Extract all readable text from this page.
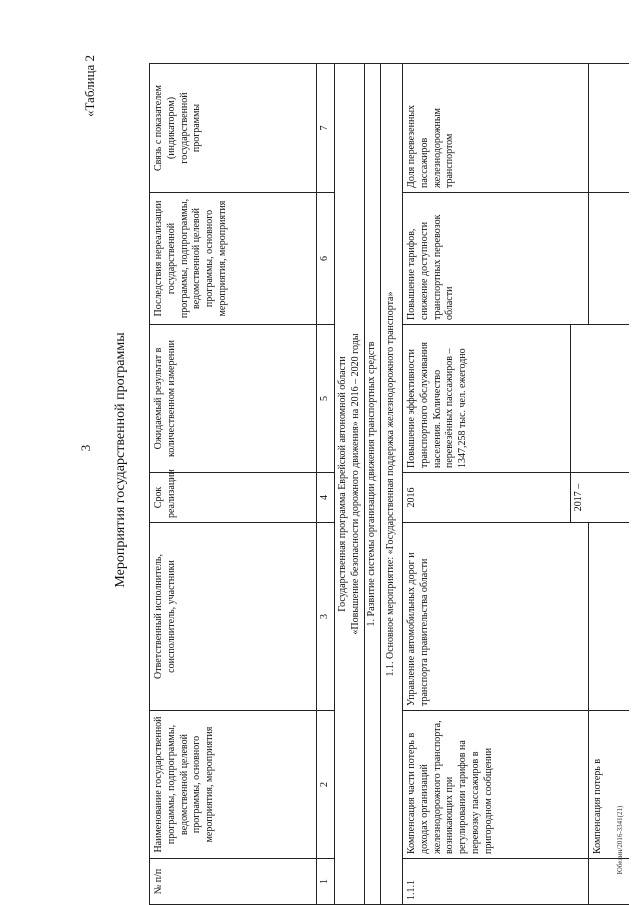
3 Мероприятия государственной программы
«Таблица 2
Юбелин/2016-3341(21)
№ п/п
Наименование государственной программы, подпрограммы, ведомственной целевой программы, основного мероприятия, мероприятия
Ответственный исполнитель, соисполнитель, участники
Срок реализации
Ожидаемый результат в количественном измерении
Последствия нереализации государственной программы, подпрограммы, ведомственной целевой программы, основного мероприятия, мероприятия
Связь с показателем (индикатором) государственной программы
1
2
3
4
5
6
7
Государственная программа Еврейской автономной области «Повышение безопасности дорожного движения» на 2016 – 2020 годы 1. Развитие системы организации движения транспортных средств 1.1. Основное мероприятие: «Государственная поддержка железнодорожного транспорта»
1.1.1
Компенсация части потерь в доходах организаций железнодорожного транспорта, возникающих при регулировании тарифов на перевозку пассажиров в пригородном сообщении
Управление автомобильных дорог и транспорта правительства области
2016
Повышение эффективности транспортного обслуживания населения. Количество перевезённых пассажиров – 1347,258 тыс. чел. ежегодно
Повышение тарифов, снижение доступности транспортных перевозок области
Доля перевезенных пассажиров железнодорожным транспортом
2017 –
Компенсация потерь в
